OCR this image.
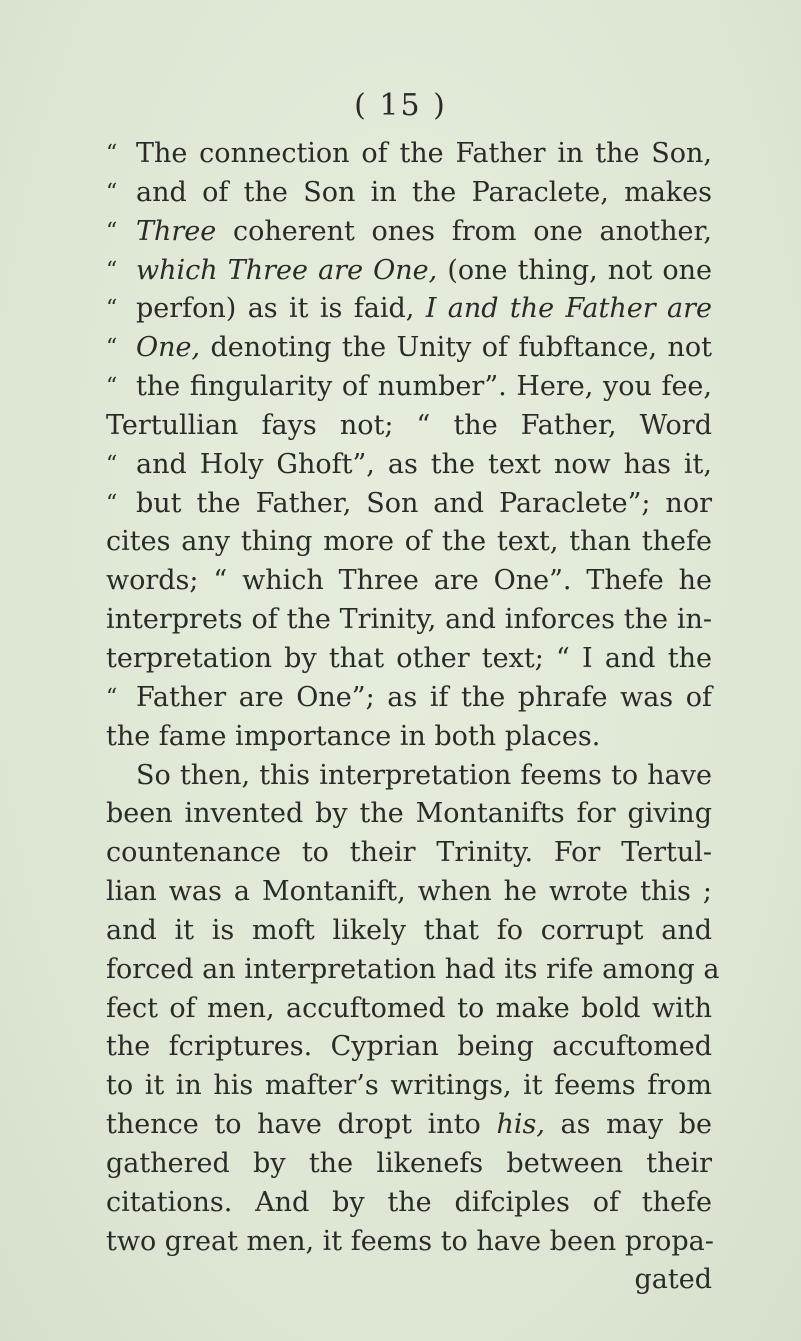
( 15 )
“ The connection of the Father in the Son,
“ and of the Son in the Paraclete, makes
“ Three coherent ones from one another,
“ which Three are One, (one thing, not one
“ perfon) as it is faid, I and the Father are
“ One, denoting the Unity of fubftance, not
“ the fingularity of number”. Here, you fee,
Tertullian fays not; “ the Father, Word
“ and Holy Ghoft”, as the text now has it,
“ but the Father, Son and Paraclete”; nor
cites any thing more of the text, than thefe
words; “ which Three are One”. Thefe he
interprets of the Trinity, and inforces the in-
terpretation by that other text; “ I and the
“ Father are One”; as if the phrafe was of
the fame importance in both places.
So then, this interpretation feems to have
been invented by the Montanifts for giving
countenance to their Trinity. For Tertul-
lian was a Montanift, when he wrote this ;
and it is moft likely that fo corrupt and
forced an interpretation had its rife among a
fect of men, accuftomed to make bold with
the fcriptures. Cyprian being accuftomed
to it in his mafter’s writings, it feems from
thence to have dropt into his, as may be
gathered by the likenefs between their
citations. And by the difciples of thefe
two great men, it feems to have been propa-
gated
